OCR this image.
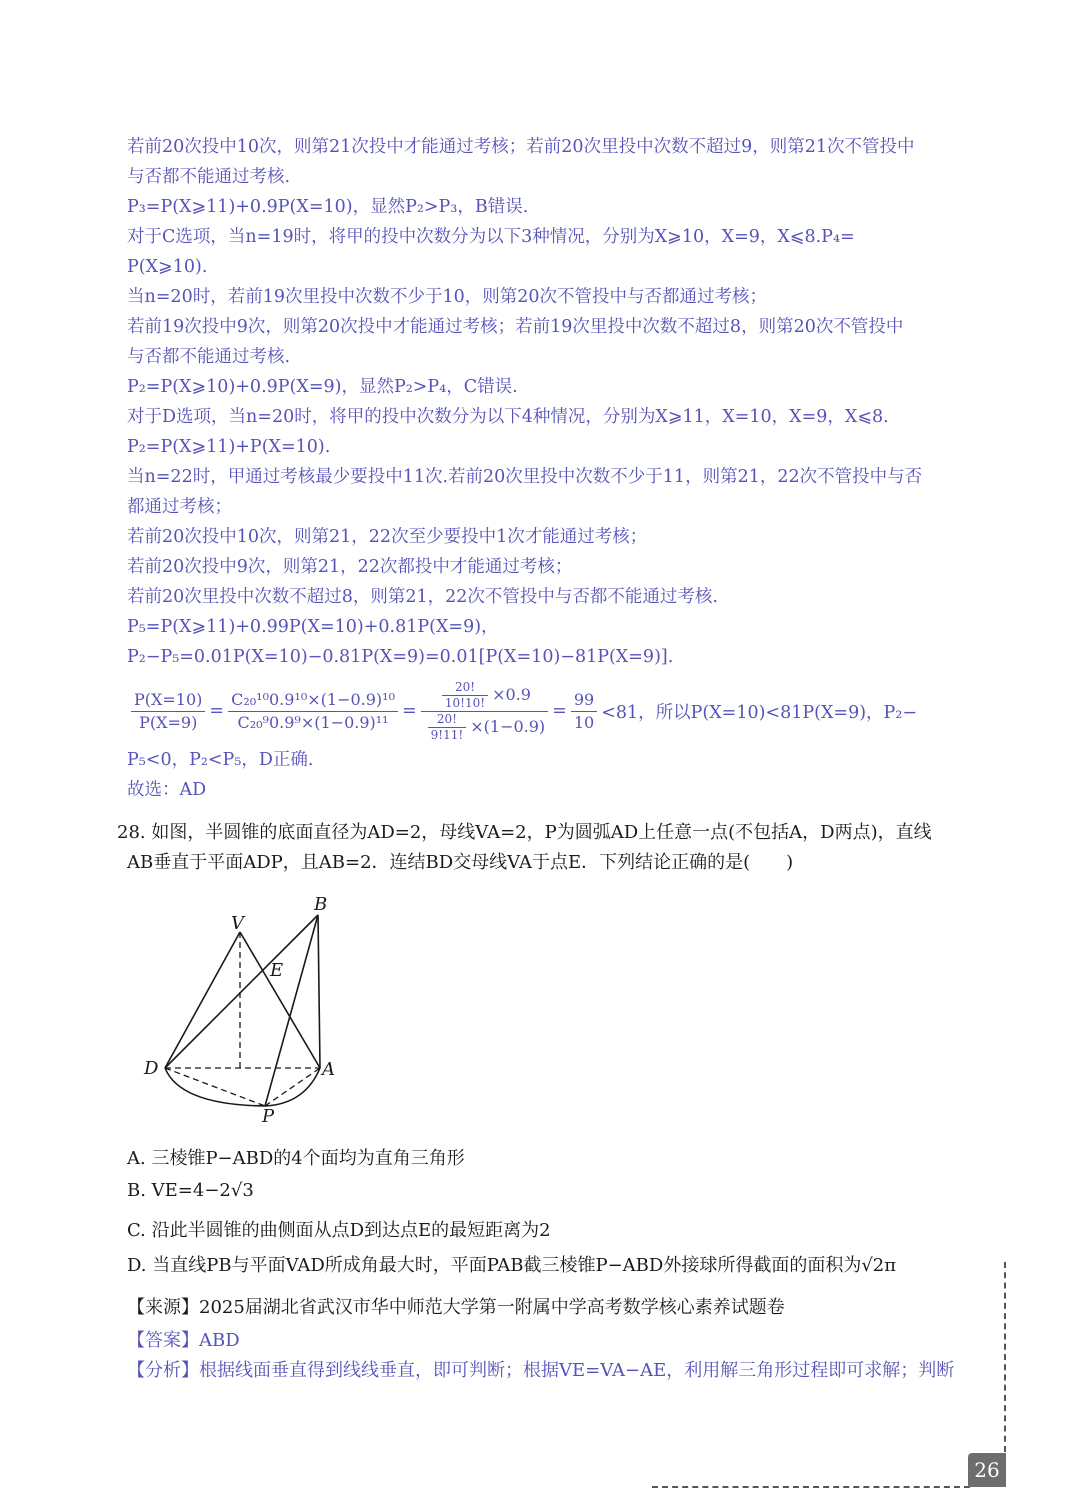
若前20次投中10次，则第21次投中才能通过考核；若前20次里投中次数不超过9，则第21次不管投中
与否都不能通过考核.
P₃=P(X⩾11)+0.9P(X=10)，显然P₂>P₃，B错误.
对于C选项，当n=19时，将甲的投中次数分为以下3种情况，分别为X⩾10，X=9，X⩽8.P₄=
P(X⩾10).
当n=20时，若前19次里投中次数不少于10，则第20次不管投中与否都通过考核；
若前19次投中9次，则第20次投中才能通过考核；若前19次里投中次数不超过8，则第20次不管投中
与否都不能通过考核.
P₂=P(X⩾10)+0.9P(X=9)，显然P₂>P₄，C错误.
对于D选项，当n=20时，将甲的投中次数分为以下4种情况，分别为X⩾11，X=10，X=9，X⩽8.
P₂=P(X⩾11)+P(X=10).
当n=22时，甲通过考核最少要投中11次.若前20次里投中次数不少于11，则第21，22次不管投中与否
都通过考核；
若前20次投中10次，则第21，22次至少要投中1次才能通过考核；
若前20次投中9次，则第21，22次都投中才能通过考核；
若前20次里投中次数不超过8，则第21，22次不管投中与否都不能通过考核.
P₅=P(X⩾11)+0.99P(X=10)+0.81P(X=9)，
P₂−P₅=0.01P(X=10)−0.81P(X=9)=0.01[P(X=10)−81P(X=9)].
$\frac{P(X=10)}{P(X=9)} = \frac{\text{C₂₀¹⁰0.9¹⁰×(1−0.9)¹⁰}}{\text{C₂₀⁹0.9⁹×(1−0.9)¹¹}} = \frac{\frac{20!}{10!10!} \times 0.9}{\frac{20!}{9!11!} \times(1-0.9)} = \frac{99}{10} <81$，所以P(X=10)<81P(X=9)，P₂−
P₅<0，P₂<P₅，D正确.
故选：AD
28. 如图，半圆锥的底面直径为AD=2，母线VA=2，P为圆弧AD上任意一点(不包括A，D两点)，直线
AB垂直于平面ADP，且AB=2．连结BD交母线VA于点E．下列结论正确的是(　　)
V
B
E
D	A
P
A. 三棱锥P−ABD的4个面均为直角三角形
B. VE=4−2√3
C. 沿此半圆锥的曲侧面从点D到达点E的最短距离为2
D. 当直线PB与平面VAD所成角最大时，平面PAB截三棱锥P−ABD外接球所得截面的面积为√2π
【来源】2025届湖北省武汉市华中师范大学第一附属中学高考数学核心素养试题卷
【答案】ABD
【分析】根据线面垂直得到线线垂直，即可判断；根据VE=VA−AE，利用解三角形过程即可求解；判断
26
